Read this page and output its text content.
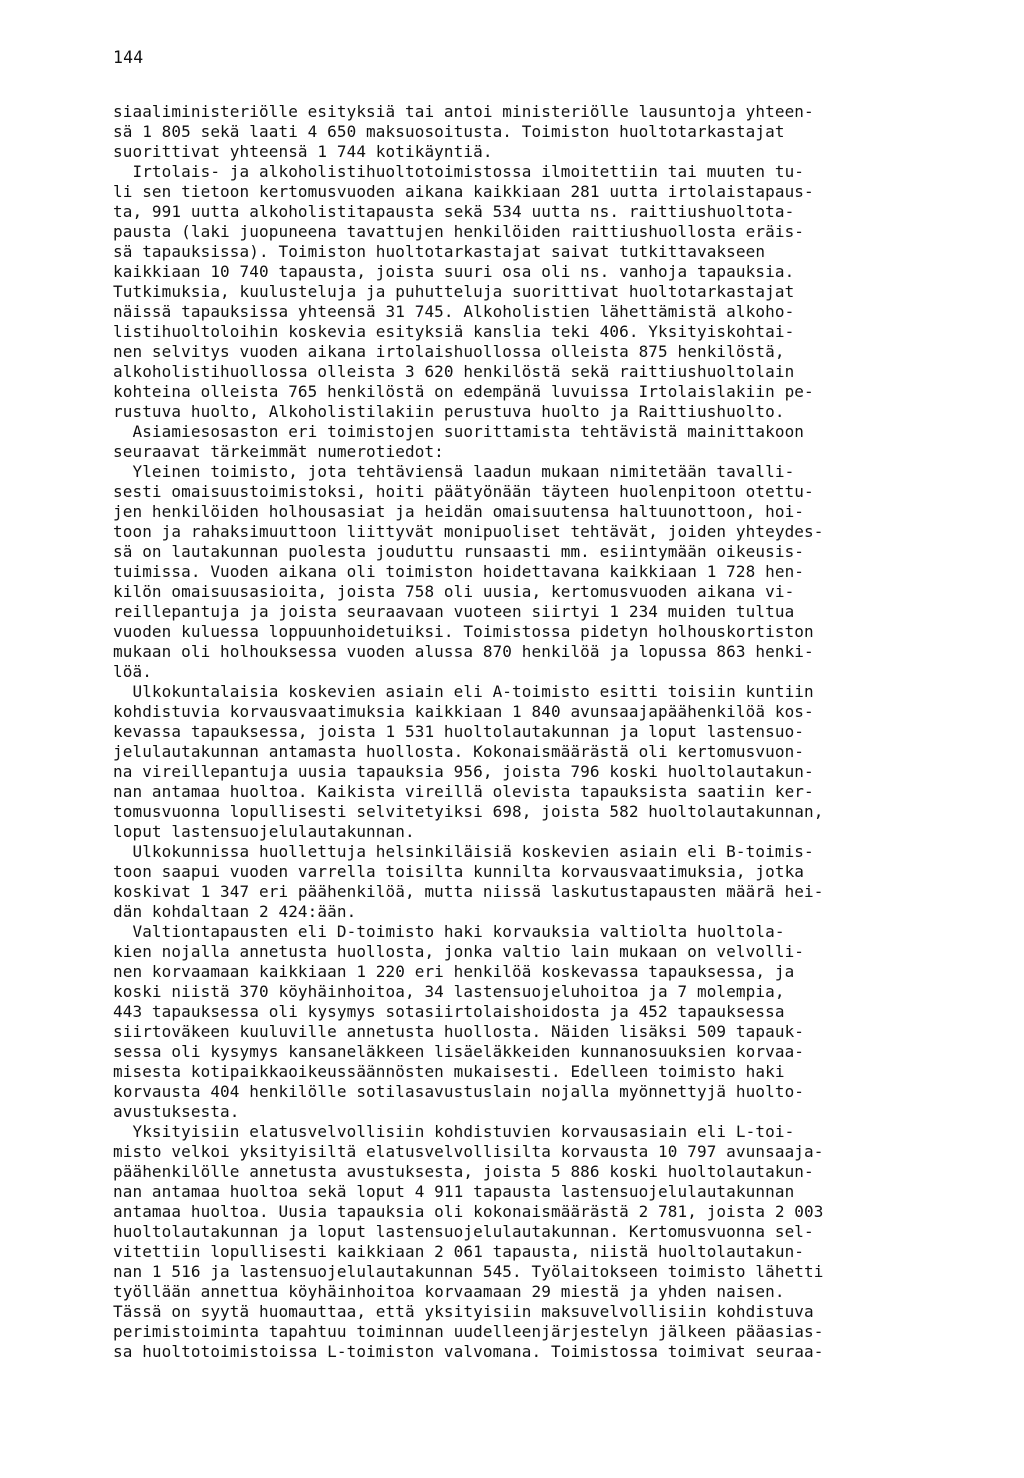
144
siaaliministeriölle esityksiä tai antoi ministeriölle lausuntoja yhteen-
sä 1 805 sekä laati 4 650 maksuosoitusta. Toimiston huoltotarkastajat
suorittivat yhteensä 1 744 kotikäyntiä.
Irtolais- ja alkoholistihuoltotoimistossa ilmoitettiin tai muuten tu-
li sen tietoon kertomusvuoden aikana kaikkiaan 281 uutta irtolaistapaus-
ta, 991 uutta alkoholistitapausta sekä 534 uutta ns. raittiushuoltota-
pausta (laki juopuneena tavattujen henkilöiden raittiushuollosta eräis-
sä tapauksissa). Toimiston huoltotarkastajat saivat tutkittavakseen
kaikkiaan 10 740 tapausta, joista suuri osa oli ns. vanhoja tapauksia.
Tutkimuksia, kuulusteluja ja puhutteluja suorittivat huoltotarkastajat
näissä tapauksissa yhteensä 31 745. Alkoholistien lähettämistä alkoho-
listihuoltoloihin koskevia esityksiä kanslia teki 406. Yksityiskohtai-
nen selvitys vuoden aikana irtolaishuollossa olleista 875 henkilöstä,
alkoholistihuollossa olleista 3 620 henkilöstä sekä raittiushuoltolain
kohteina olleista 765 henkilöstä on edempänä luvuissa Irtolaislakiin pe-
rustuva huolto, Alkoholistilakiin perustuva huolto ja Raittiushuolto.
Asiamiesosaston eri toimistojen suorittamista tehtävistä mainittakoon
seuraavat tärkeimmät numerotiedot:
Yleinen toimisto, jota tehtäviensä laadun mukaan nimitetään tavalli-
sesti omaisuustoimistoksi, hoiti päätyönään täyteen huolenpitoon otettu-
jen henkilöiden holhousasiat ja heidän omaisuutensa haltuunottoon, hoi-
toon ja rahaksimuuttoon liittyvät monipuoliset tehtävät, joiden yhteydes-
sä on lautakunnan puolesta jouduttu runsaasti mm. esiintymään oikeusis-
tuimissa. Vuoden aikana oli toimiston hoidettavana kaikkiaan 1 728 hen-
kilön omaisuusasioita, joista 758 oli uusia, kertomusvuoden aikana vi-
reillepantuja ja joista seuraavaan vuoteen siirtyi 1 234 muiden tultua
vuoden kuluessa loppuunhoidetuiksi. Toimistossa pidetyn holhouskortiston
mukaan oli holhouksessa vuoden alussa 870 henkilöä ja lopussa 863 henki-
löä.
Ulkokuntalaisia koskevien asiain eli A-toimisto esitti toisiin kuntiin
kohdistuvia korvausvaatimuksia kaikkiaan 1 840 avunsaajapäähenkilöä kos-
kevassa tapauksessa, joista 1 531 huoltolautakunnan ja loput lastensuo-
jelulautakunnan antamasta huollosta. Kokonaismäärästä oli kertomusvuon-
na vireillepantuja uusia tapauksia 956, joista 796 koski huoltolautakun-
nan antamaa huoltoa. Kaikista vireillä olevista tapauksista saatiin ker-
tomusvuonna lopullisesti selvitetyiksi 698, joista 582 huoltolautakunnan,
loput lastensuojelulautakunnan.
Ulkokunnissa huollettuja helsinkiläisiä koskevien asiain eli B-toimis-
toon saapui vuoden varrella toisilta kunnilta korvausvaatimuksia, jotka
koskivat 1 347 eri päähenkilöä, mutta niissä laskutustapausten määrä hei-
dän kohdaltaan 2 424:ään.
Valtiontapausten eli D-toimisto haki korvauksia valtiolta huoltola-
kien nojalla annetusta huollosta, jonka valtio lain mukaan on velvolli-
nen korvaamaan kaikkiaan 1 220 eri henkilöä koskevassa tapauksessa, ja
koski niistä 370 köyhäinhoitoa, 34 lastensuojeluhoitoa ja 7 molempia,
443 tapauksessa oli kysymys sotasiirtolaishoidosta ja 452 tapauksessa
siirtoväkeen kuuluville annetusta huollosta. Näiden lisäksi 509 tapauk-
sessa oli kysymys kansaneläkkeen lisäeläkkeiden kunnanosuuksien korvaa-
misesta kotipaikkaoikeussäännösten mukaisesti. Edelleen toimisto haki
korvausta 404 henkilölle sotilasavustuslain nojalla myönnettyjä huolto-
avustuksesta.
Yksityisiin elatusvelvollisiin kohdistuvien korvausasiain eli L-toi-
misto velkoi yksityisiltä elatusvelvollisilta korvausta 10 797 avunsaaja-
päähenkilölle annetusta avustuksesta, joista 5 886 koski huoltolautakun-
nan antamaa huoltoa sekä loput 4 911 tapausta lastensuojelulautakunnan
antamaa huoltoa. Uusia tapauksia oli kokonaismäärästä 2 781, joista 2 003
huoltolautakunnan ja loput lastensuojelulautakunnan. Kertomusvuonna sel-
vitettiin lopullisesti kaikkiaan 2 061 tapausta, niistä huoltolautakun-
nan 1 516 ja lastensuojelulautakunnan 545. Työlaitokseen toimisto lähetti
työllään annettua köyhäinhoitoa korvaamaan 29 miestä ja yhden naisen.
Tässä on syytä huomauttaa, että yksityisiin maksuvelvollisiin kohdistuva
perimistoiminta tapahtuu toiminnan uudelleenjärjestelyn jälkeen pääasias-
sa huoltotoimistoissa L-toimiston valvomana. Toimistossa toimivat seuraa-
